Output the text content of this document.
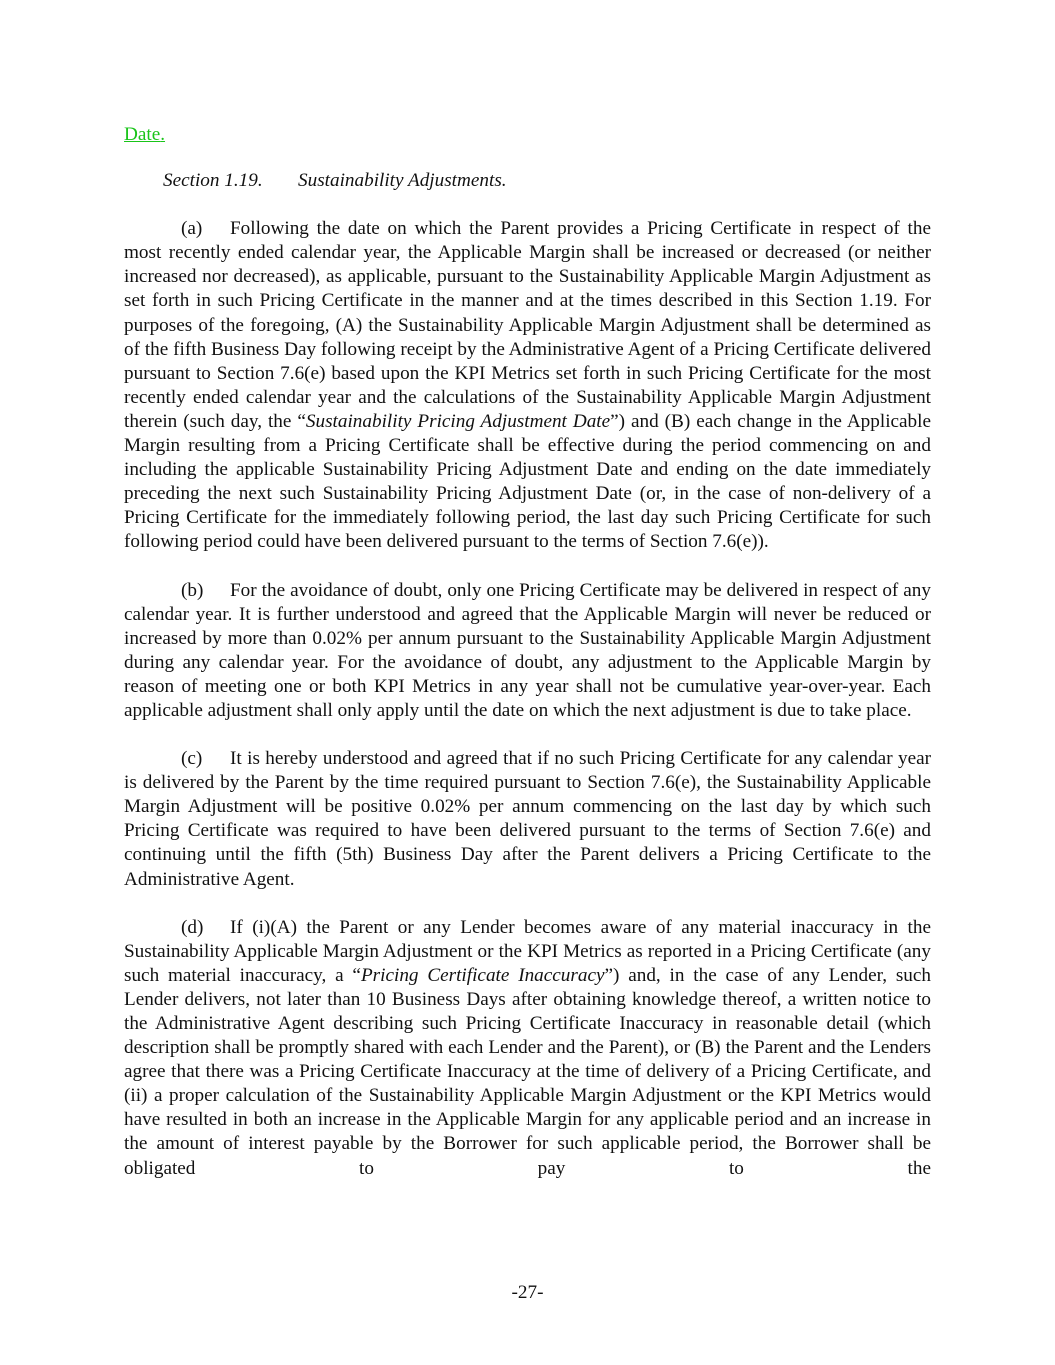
Date.

Section 1.19. Sustainability Adjustments.

(a) Following the date on which the Parent provides a Pricing Certificate in respect of the most recently ended calendar year, the Applicable Margin shall be increased or decreased (or neither increased nor decreased), as applicable, pursuant to the Sustainability Applicable Margin Adjustment as set forth in such Pricing Certificate in the manner and at the times described in this Section 1.19. For purposes of the foregoing, (A) the Sustainability Applicable Margin Adjustment shall be determined as of the fifth Business Day following receipt by the Administrative Agent of a Pricing Certificate delivered pursuant to Section 7.6(e) based upon the KPI Metrics set forth in such Pricing Certificate for the most recently ended calendar year and the calculations of the Sustainability Applicable Margin Adjustment therein (such day, the “Sustainability Pricing Adjustment Date”) and (B) each change in the Applicable Margin resulting from a Pricing Certificate shall be effective during the period commencing on and including the applicable Sustainability Pricing Adjustment Date and ending on the date immediately preceding the next such Sustainability Pricing Adjustment Date (or, in the case of non-delivery of a Pricing Certificate for the immediately following period, the last day such Pricing Certificate for such following period could have been delivered pursuant to the terms of Section 7.6(e)).

(b) For the avoidance of doubt, only one Pricing Certificate may be delivered in respect of any calendar year. It is further understood and agreed that the Applicable Margin will never be reduced or increased by more than 0.02% per annum pursuant to the Sustainability Applicable Margin Adjustment during any calendar year. For the avoidance of doubt, any adjustment to the Applicable Margin by reason of meeting one or both KPI Metrics in any year shall not be cumulative year-over-year. Each applicable adjustment shall only apply until the date on which the next adjustment is due to take place.

(c) It is hereby understood and agreed that if no such Pricing Certificate for any calendar year is delivered by the Parent by the time required pursuant to Section 7.6(e), the Sustainability Applicable Margin Adjustment will be positive 0.02% per annum commencing on the last day by which such Pricing Certificate was required to have been delivered pursuant to the terms of Section 7.6(e) and continuing until the fifth (5th) Business Day after the Parent delivers a Pricing Certificate to the Administrative Agent.

(d) If (i)(A) the Parent or any Lender becomes aware of any material inaccuracy in the Sustainability Applicable Margin Adjustment or the KPI Metrics as reported in a Pricing Certificate (any such material inaccuracy, a “Pricing Certificate Inaccuracy”) and, in the case of any Lender, such Lender delivers, not later than 10 Business Days after obtaining knowledge thereof, a written notice to the Administrative Agent describing such Pricing Certificate Inaccuracy in reasonable detail (which description shall be promptly shared with each Lender and the Parent), or (B) the Parent and the Lenders agree that there was a Pricing Certificate Inaccuracy at the time of delivery of a Pricing Certificate, and (ii) a proper calculation of the Sustainability Applicable Margin Adjustment or the KPI Metrics would have resulted in both an increase in the Applicable Margin for any applicable period and an increase in the amount of interest payable by the Borrower for such applicable period, the Borrower shall be obligated to pay to the

-27-
